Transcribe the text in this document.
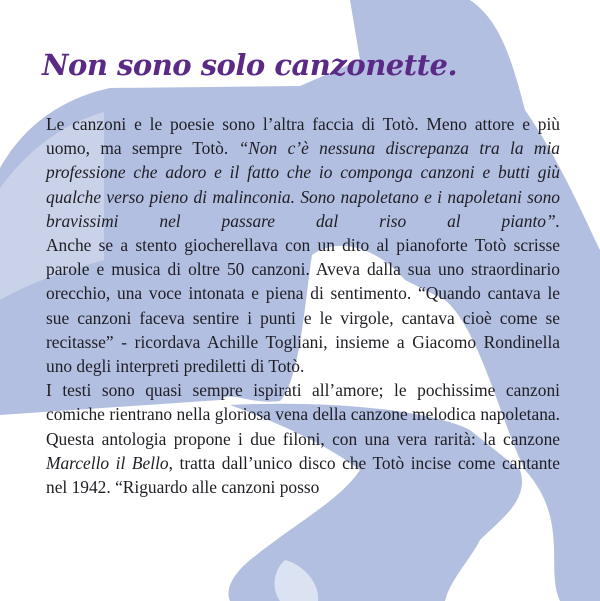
Non sono solo canzonette.

Le canzoni e le poesie sono l’altra faccia di Totò. Meno attore e più uomo, ma sempre Totò. “Non c’è nessuna discrepanza tra la mia professione che adoro e il fatto che io componga canzoni e butti giù qualche verso pieno di malinconia. Sono napoletano e i napoletani sono bravissimi nel passare dal riso al pianto”.

Anche se a stento giocherellava con un dito al pianoforte Totò scrisse parole e musica di oltre 50 canzoni. Aveva dalla sua uno straordinario orecchio, una voce intonata e piena di sentimento. “Quando cantava le sue canzoni faceva sentire i punti e le virgole, cantava cioè come se recitasse” - ricordava Achille Togliani, insieme a Giacomo Rondinella uno degli interpreti prediletti di Totò.

I testi sono quasi sempre ispirati all’amore; le pochissime canzoni comiche rientrano nella gloriosa vena della canzone melodica napoletana. Questa antologia propone i due filoni, con una vera rarità: la canzone Marcello il Bello, tratta dall’unico disco che Totò incise come cantante nel 1942. “Riguardo alle canzoni posso
